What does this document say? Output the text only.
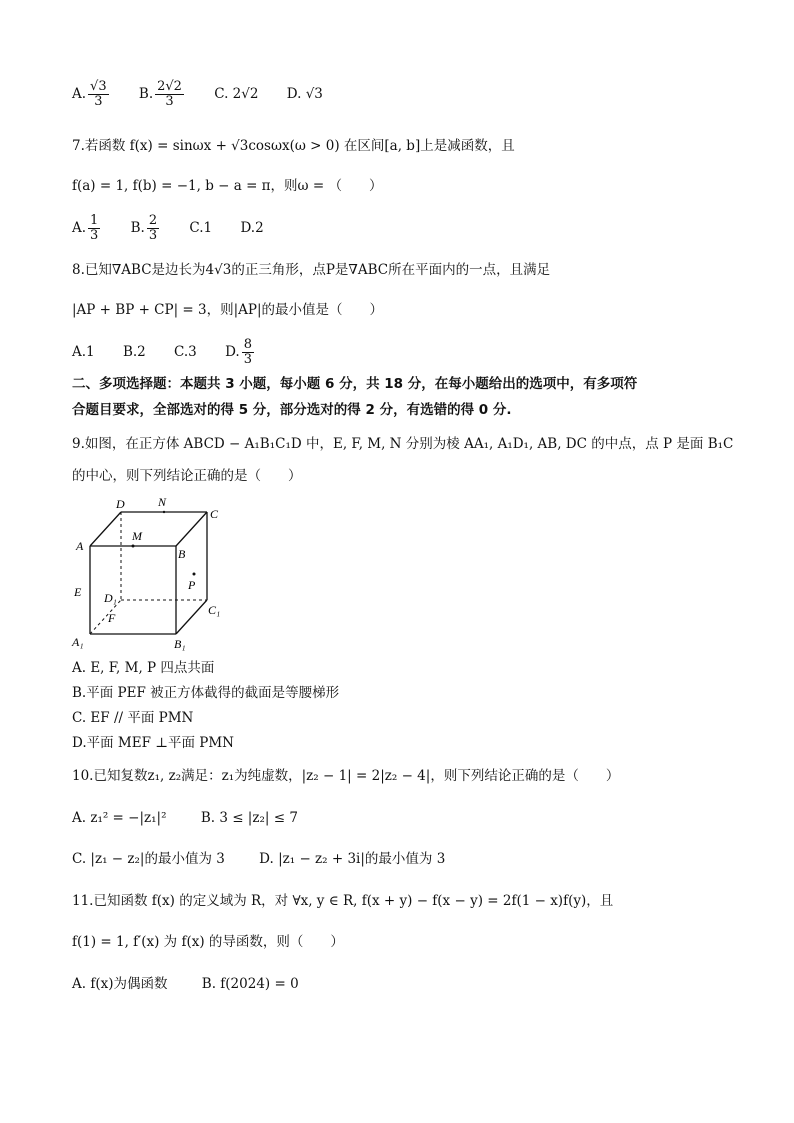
A. $\frac{√3}{3} B$. $\frac{2√2}{3} C$. 2√2 D. √3
7.若函数 f(x) = sinωx + √3cosωx(ω > 0) 在区间[a, b]上是减函数，且
f(a) = 1, f(b) = −1, b − a = π，则ω = （　　）
A. $\frac{1}{3} B$. $\frac{2}{3} C.1$ D.2
8.已知∇ABC是边长为4√3的正三角形，点P是∇ABC所在平面内的一点，且满足
|AP + BP + CP| = 3，则|AP|的最小值是（　　）
A.1 B.2 C.3 D. $\frac{8}{3}$
二、多项选择题：本题共 3 小题，每小题 6 分，共 18 分，在每小题给出的选项中，有多项符
合题目要求，全部选对的得 5 分，部分选对的得 2 分，有选错的得 0 分.
9.如图，在正方体 ABCD − A₁B₁C₁D 中，E, F, M, N 分别为棱 AA₁, A₁D₁, AB, DC 的中点，点 P 是面 B₁C
的中心，则下列结论正确的是（　　）
D	N
C
A
M
B
P
E D₁
F
C₁
A₁	B₁
A. E, F, M, P 四点共面
B.平面 PEF 被正方体截得的截面是等腰梯形
C. EF // 平面 PMN
D.平面 MEF ⊥平面 PMN
10.已知复数z₁, z₂满足：z₁为纯虚数，|z₂ − 1| = 2|z₂ − 4|，则下列结论正确的是（　　）
A. z₁² = −|z₁|²	B. 3 ≤ |z₂| ≤ 7
C. |z₁ − z₂|的最小值为 3	D. |z₁ − z₂ + 3i|的最小值为 3
11.已知函数 f(x) 的定义域为 R，对 ∀x, y ∈ R, f(x + y) − f(x − y) = 2f(1 − x)f(y)，且
f(1) = 1, f′(x) 为 f(x) 的导函数，则（　　）
A. f(x)为偶函数	B. f(2024) = 0
